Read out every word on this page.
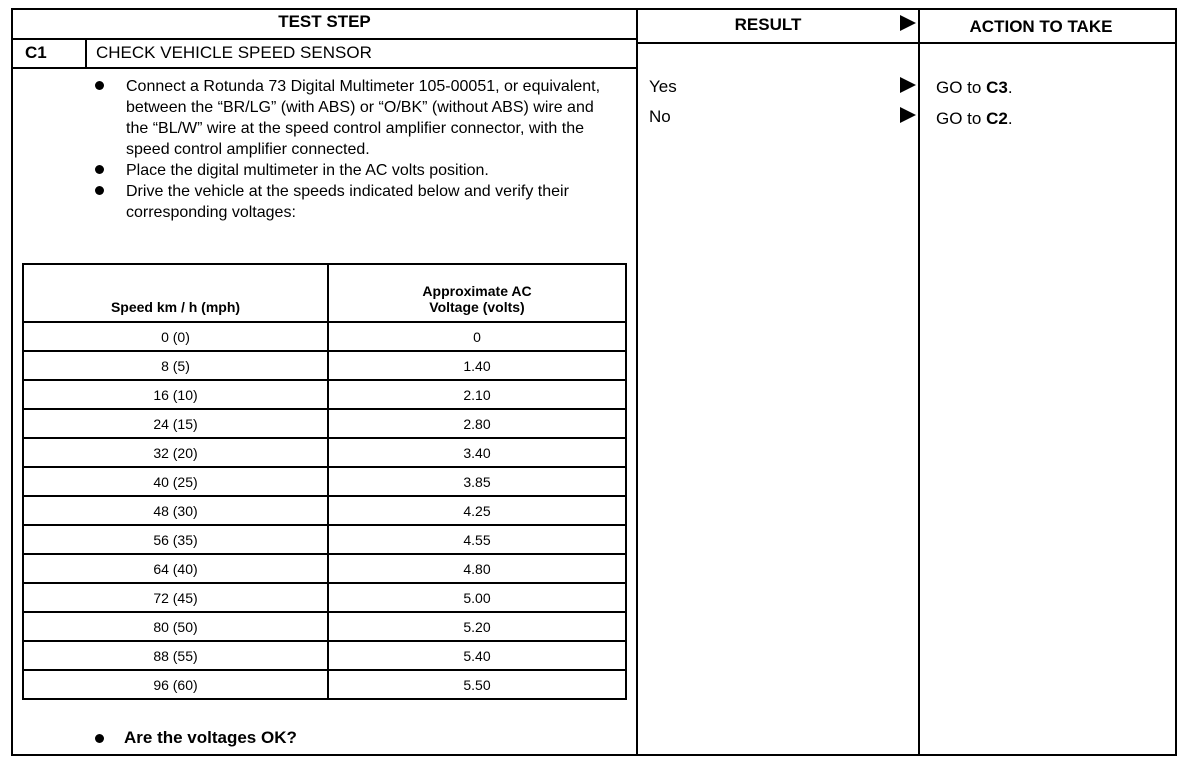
TEST STEP	RESULT	ACTION TO TAKE
C1	CHECK VEHICLE SPEED SENSOR
Connect a Rotunda 73 Digital Multimeter 105-00051, or equivalent, between the “BR/LG” (with ABS) or “O/BK” (without ABS) wire and the “BL/W” wire at the speed control amplifier connector, with the speed control amplifier connected.
Place the digital multimeter in the AC volts position.
Drive the vehicle at the speeds indicated below and verify their corresponding voltages:
Speed km / h (mph)	Approximate AC Voltage (volts)
0 (0)	0
8 (5)	1.40
16 (10)	2.10
24 (15)	2.80
32 (20)	3.40
40 (25)	3.85
48 (30)	4.25
56 (35)	4.55
64 (40)	4.80
72 (45)	5.00
80 (50)	5.20
88 (55)	5.40
96 (60)	5.50
Are the voltages OK?
Yes	GO to C3.
No	GO to C2.
